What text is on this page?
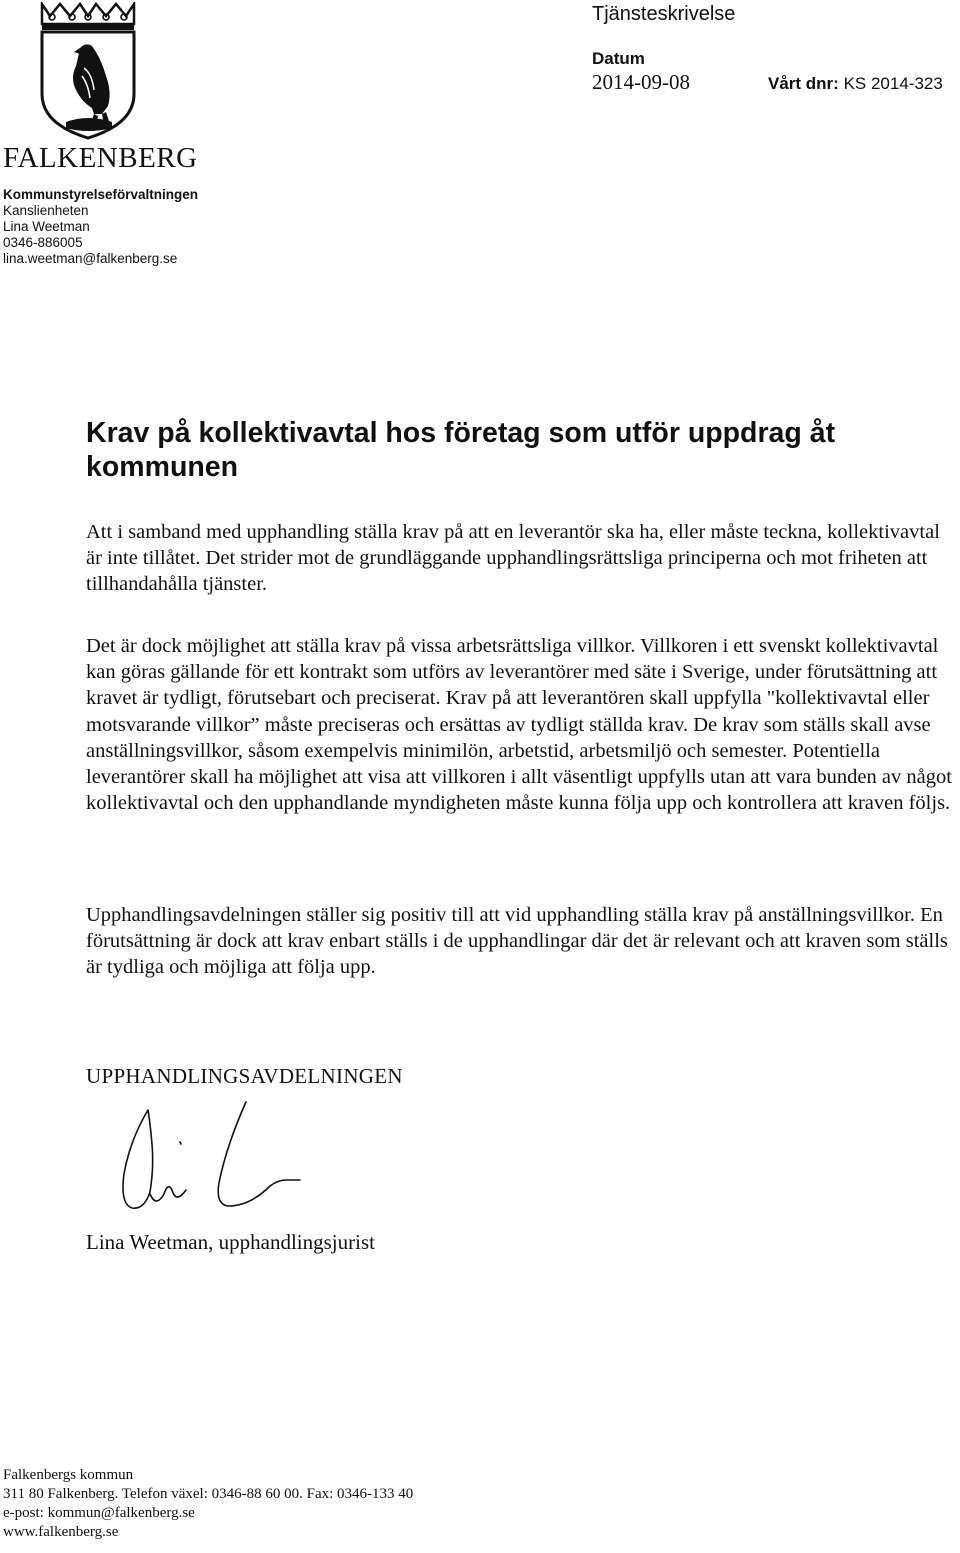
FALKENBERG
Kommunstyrelseförvaltningen
Kanslienheten
Lina Weetman
0346-886005
lina.weetman@falkenberg.se
Tjänsteskrivelse
Datum
2014-09-08	Vårt dnr: KS 2014-323
Krav på kollektivavtal hos företag som utför uppdrag åt kommunen

Att i samband med upphandling ställa krav på att en leverantör ska ha, eller måste teckna, kollektivavtal är inte tillåtet. Det strider mot de grundläggande upphandlingsrättsliga principerna och mot friheten att tillhandahålla tjänster.

Det är dock möjlighet att ställa krav på vissa arbetsrättsliga villkor. Villkoren i ett svenskt kollektivavtal kan göras gällande för ett kontrakt som utförs av leverantörer med säte i Sverige, under förutsättning att kravet är tydligt, förutsebart och preciserat. Krav på att leverantören skall uppfylla "kollektivavtal eller motsvarande villkor” måste preciseras och ersättas av tydligt ställda krav. De krav som ställs skall avse anställningsvillkor, såsom exempelvis minimilön, arbetstid, arbetsmiljö och semester. Potentiella leverantörer skall ha möjlighet att visa att villkoren i allt väsentligt uppfylls utan att vara bunden av något kollektivavtal och den upphandlande myndigheten måste kunna följa upp och kontrollera att kraven följs.

Upphandlingsavdelningen ställer sig positiv till att vid upphandling ställa krav på anställningsvillkor. En förutsättning är dock att krav enbart ställs i de upphandlingar där det är relevant och att kraven som ställs är tydliga och möjliga att följa upp.

UPPHANDLINGSAVDELNINGEN
Lina Weetman, upphandlingsjurist
Falkenbergs kommun
311 80 Falkenberg. Telefon växel: 0346-88 60 00. Fax: 0346-133 40
e-post: kommun@falkenberg.se
www.falkenberg.se
